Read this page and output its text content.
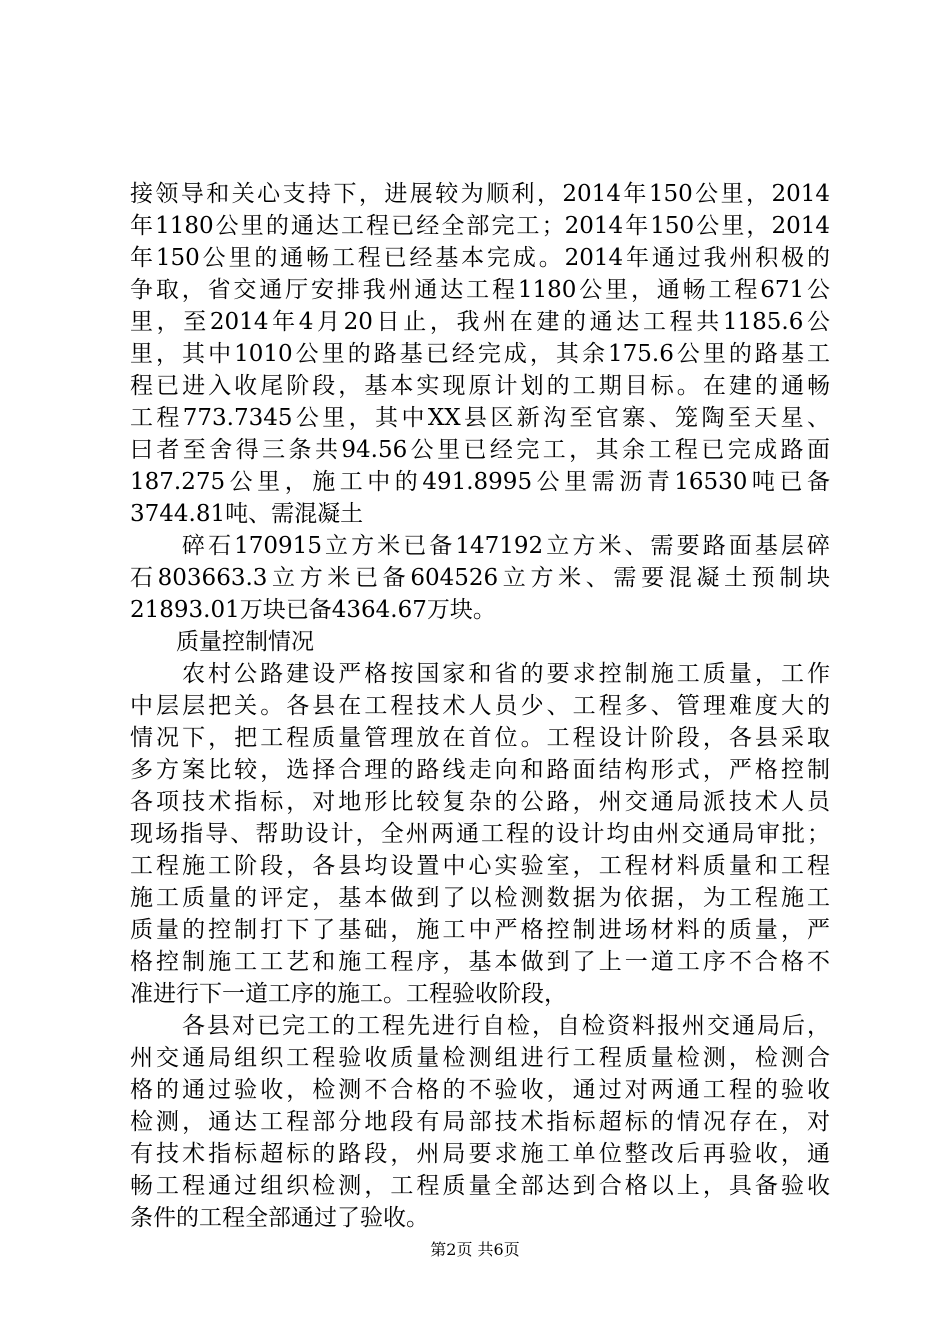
接领导和关心支持下，进展较为顺利，2014年150公里，2014
年1180公里的通达工程已经全部完工；2014年150公里，2014
年150公里的通畅工程已经基本完成。2014年通过我州积极的
争取，省交通厅安排我州通达工程1180公里，通畅工程671公
里，至2014年4月20日止，我州在建的通达工程共1185.6公
里，其中1010公里的路基已经完成，其余175.6公里的路基工
程已进入收尾阶段，基本实现原计划的工期目标。在建的通畅
工程773.7345公里，其中XX县区新沟至官寨、笼陶至天星、
曰者至舍得三条共94.56公里已经完工，其余工程已完成路面
187.275公里，施工中的491.8995公里需沥青16530吨已备
3744.81吨、需混凝土
碎石170915立方米已备147192立方米、需要路面基层碎
石803663.3立方米已备604526立方米、需要混凝土预制块
21893.01万块已备4364.67万块。
质量控制情况
农村公路建设严格按国家和省的要求控制施工质量，工作
中层层把关。各县在工程技术人员少、工程多、管理难度大的
情况下，把工程质量管理放在首位。工程设计阶段，各县采取
多方案比较，选择合理的路线走向和路面结构形式，严格控制
各项技术指标，对地形比较复杂的公路，州交通局派技术人员
现场指导、帮助设计，全州两通工程的设计均由州交通局审批；
工程施工阶段，各县均设置中心实验室，工程材料质量和工程
施工质量的评定，基本做到了以检测数据为依据，为工程施工
质量的控制打下了基础，施工中严格控制进场材料的质量，严
格控制施工工艺和施工程序，基本做到了上一道工序不合格不
准进行下一道工序的施工。工程验收阶段，
各县对已完工的工程先进行自检，自检资料报州交通局后，
州交通局组织工程验收质量检测组进行工程质量检测，检测合
格的通过验收，检测不合格的不验收，通过对两通工程的验收
检测，通达工程部分地段有局部技术指标超标的情况存在，对
有技术指标超标的路段，州局要求施工单位整改后再验收，通
畅工程通过组织检测，工程质量全部达到合格以上，具备验收
条件的工程全部通过了验收。
第2页 共6页
